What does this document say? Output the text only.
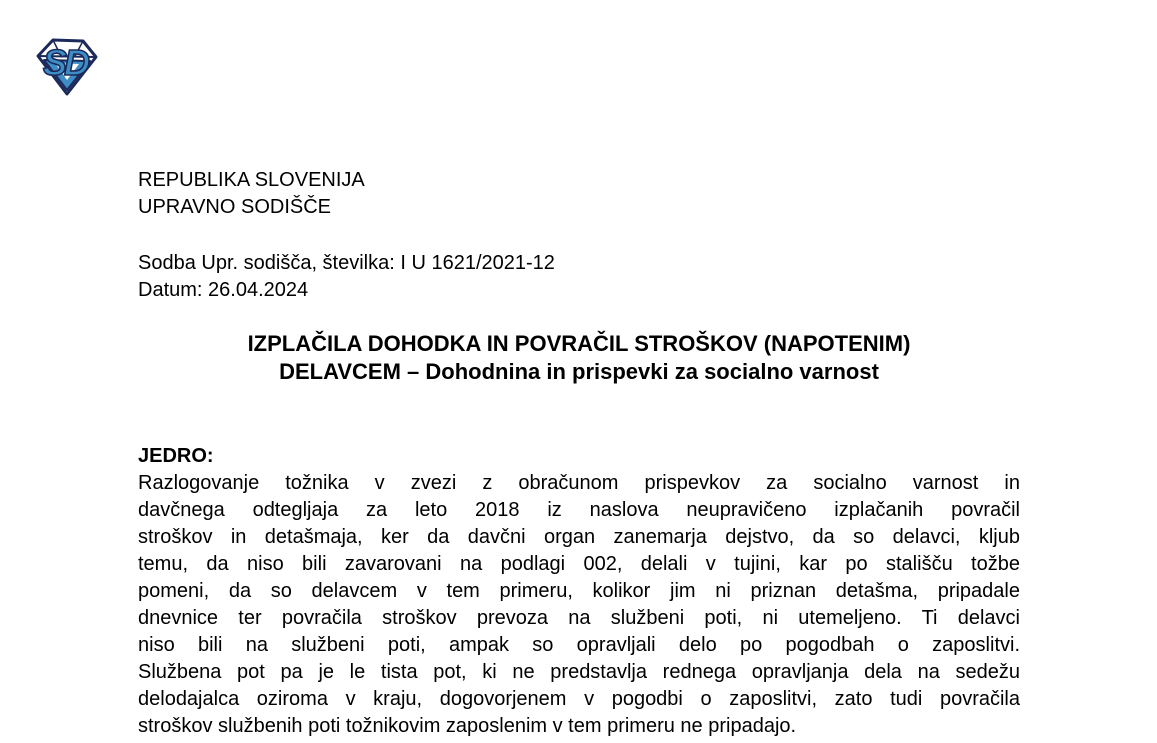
SD
REPUBLIKA SLOVENIJA
UPRAVNO SODIŠČE
Sodba Upr. sodišča, številka: I U 1621/2021-12
Datum: 26.04.2024
IZPLAČILA DOHODKA IN POVRAČIL STROŠKOV (NAPOTENIM)
DELAVCEM – Dohodnina in prispevki za socialno varnost
JEDRO:
Razlogovanje tožnika v zvezi z obračunom prispevkov za socialno varnost in
davčnega odtegljaja za leto 2018 iz naslova neupravičeno izplačanih povračil
stroškov in detašmaja, ker da davčni organ zanemarja dejstvo, da so delavci, kljub
temu, da niso bili zavarovani na podlagi 002, delali v tujini, kar po stališču tožbe
pomeni, da so delavcem v tem primeru, kolikor jim ni priznan detašma, pripadale
dnevnice ter povračila stroškov prevoza na službeni poti, ni utemeljeno. Ti delavci
niso bili na službeni poti, ampak so opravljali delo po pogodbah o zaposlitvi.
Službena pot pa je le tista pot, ki ne predstavlja rednega opravljanja dela na sedežu
delodajalca oziroma v kraju, dogovorjenem v pogodbi o zaposlitvi, zato tudi povračila
stroškov službenih poti tožnikovim zaposlenim v tem primeru ne pripadajo.
